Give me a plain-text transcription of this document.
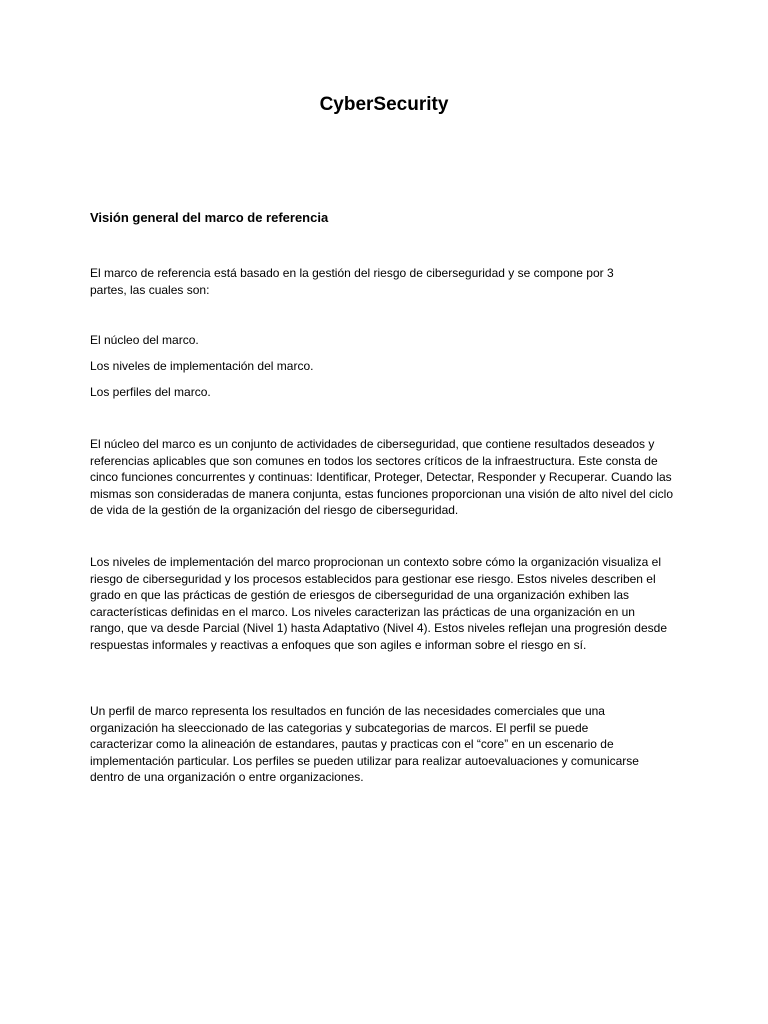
CyberSecurity
Visión general del marco de referencia

El marco de referencia está basado en la gestión del riesgo de ciberseguridad y se compone por 3 partes, las cuales son:

El núcleo del marco.

Los niveles de implementación del marco.

Los perfiles del marco.

El núcleo del marco es un conjunto de actividades de ciberseguridad, que contiene resultados deseados y referencias aplicables que son comunes en todos los sectores críticos de la infraestructura. Este consta de cinco funciones concurrentes y continuas: Identificar, Proteger, Detectar, Responder y Recuperar. Cuando las mismas son consideradas de manera conjunta, estas funciones proporcionan una visión de alto nivel del ciclo de vida de la gestión de la organización del riesgo de ciberseguridad.

Los niveles de implementación del marco proprocionan un contexto sobre cómo la organización visualiza el riesgo de ciberseguridad y los procesos establecidos para gestionar ese riesgo. Estos niveles describen el grado en que las prácticas de gestión de eriesgos de ciberseguridad de una organización exhiben las características definidas en el marco. Los niveles caracterizan las prácticas de una organización en un rango, que va desde Parcial (Nivel 1) hasta Adaptativo (Nivel 4). Estos niveles reflejan una progresión desde respuestas informales y reactivas a enfoques que son agiles e informan sobre el riesgo en sí.

Un perfil de marco representa los resultados en función de las necesidades comerciales que una organización ha sleeccionado de las categorias y subcategorias de marcos. El perfil se puede caracterizar como la alineación de estandares, pautas y practicas con el “core” en un escenario de implementación particular. Los perfiles se pueden utilizar para realizar autoevaluaciones y comunicarse dentro de una organización o entre organizaciones.
